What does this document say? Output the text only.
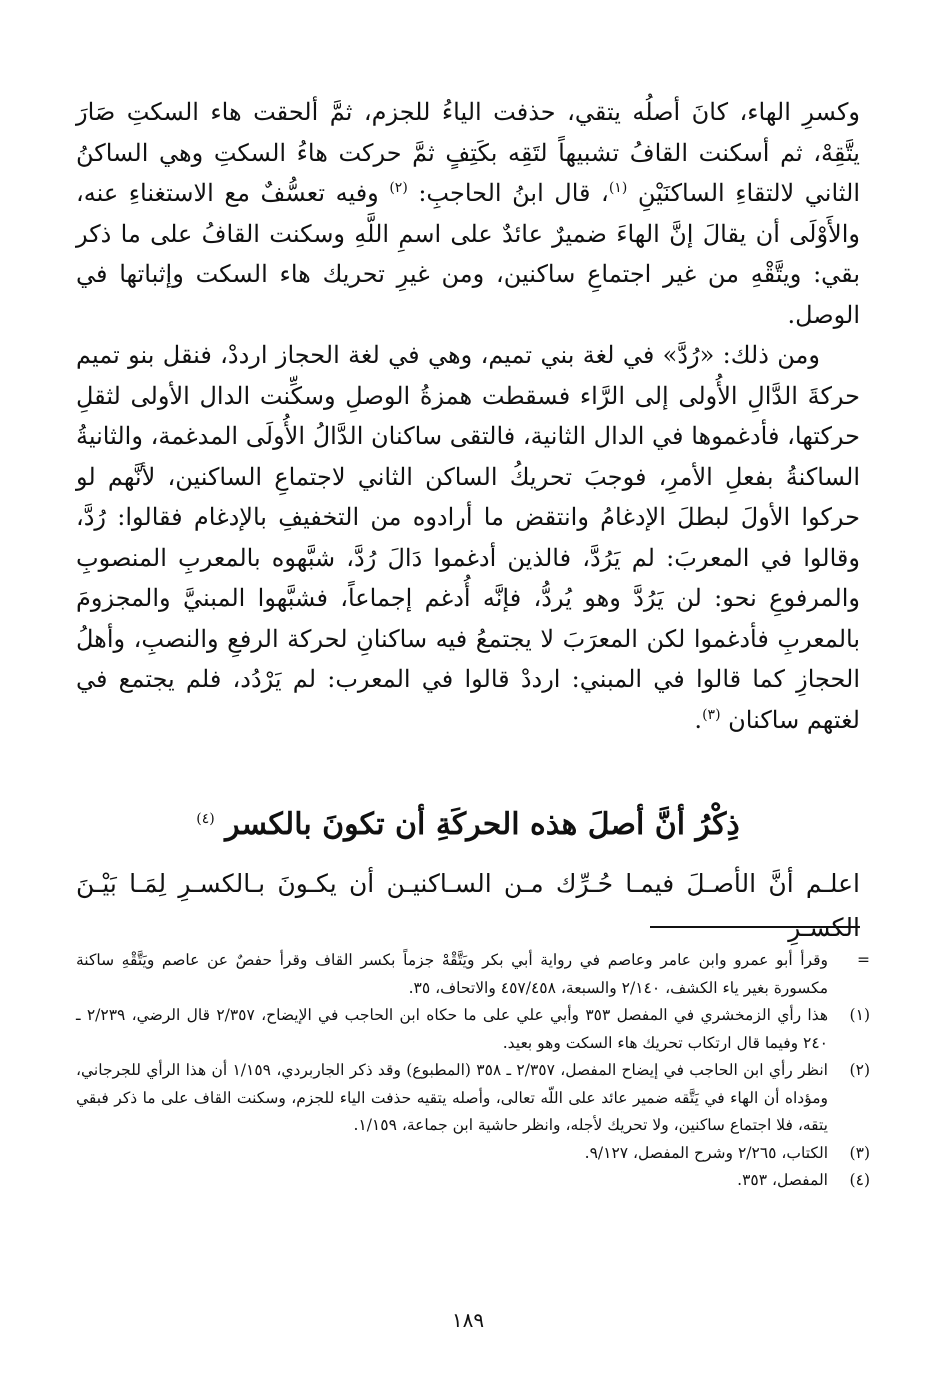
وكسرِ الهاء، كانَ أصلُه يتقي، حذفت الياءُ للجزم، ثمَّ ألحقت هاء السكتِ صَارَ يتَّقِهْ، ثم أسكنت القافُ تشبيهاً لتَقِه بكَتِفٍ ثمَّ حركت هاءُ السكتِ وهي الساكنُ الثاني لالتقاءِ الساكنَيْنِ $^{(١)}$، قال ابنُ الحاجبِ: $^{(٢)}$ وفيه تعسُّفٌ مع الاستغناءِ عنه، والأَوْلَى أن يقالَ إنَّ الهاءَ ضميرٌ عائدٌ على اسمِ اللَّهِ وسكنت القافُ على ما ذكر بقي: ويتَّقْهِ من غير اجتماعِ ساكنين، ومن غيرِ تحريك هاء السكت وإثباتها في الوصل.

ومن ذلك: «رُدَّ» في لغة بني تميم، وهي في لغة الحجاز ارددْ، فنقل بنو تميم حركةَ الدَّالِ الأُولى إلى الرَّاء فسقطت همزةُ الوصلِ وسكِّنت الدال الأولى لثقلِ حركتها، فأدغموها في الدال الثانية، فالتقى ساكنان الدَّالُ الأُولَى المدغمة، والثانيةُ الساكنةُ بفعلِ الأمرِ، فوجبَ تحريكُ الساكن الثاني لاجتماعِ الساكنين، لأنَّهم لو حركوا الأولَ لبطلَ الإدغامُ وانتقض ما أرادوه من التخفيفِ بالإدغام فقالوا: رُدَّ، وقالوا في المعربَ: لم يَرُدَّ، فالذين أدغموا دَالَ رُدَّ، شبَّهوه بالمعربِ المنصوبِ والمرفوعِ نحو: لن يَرُدَّ وهو يُردُّ، فإنَّه أُدغم إجماعاً، فشبَّهوا المبنيَّ والمجزومَ بالمعربِ فأدغموا لكن المعرَبَ لا يجتمعُ فيه ساكنانِ لحركة الرفعِ والنصبِ، وأهلُ الحجازِ كما قالوا في المبني: ارددْ قالوا في المعرب: لم يَرْدُد، فلم يجتمع في لغتهم ساكنان $^{(٣)}$.

ذِكْرُ أنَّ أصلَ هذه الحركَةِ أن تكونَ بالكسر $^{(٤)}$
اعلـم أنَّ الأصـلَ فيمـا حُـرِّك مـن السـاكنيـن أن يكـونَ بـالكسـرِ لِمَـا بَيْـنَ الكسـرِ
=
وقرأ أبو عمرو وابن عامر وعاصم في رواية أبي بكر ويَتَّقْهْ جزماً بكسر القاف وقرأ حفصٌ عن عاصم ويَتَّقْهِ ساكنة مكسورة بغير ياء الكشف، ٢/١٤٠ والسبعة، ٤٥٧/٤٥٨ والاتحاف، ٣٥.
(١)
هذا رأي الزمخشري في المفصل ٣٥٣ وأبي علي على ما حكاه ابن الحاجب في الإيضاح، ٢/٣٥٧ قال الرضي، ٢/٢٣٩ ـ ٢٤٠ وفيما قال ارتكاب تحريك هاء السكت وهو بعيد.
(٢)
انظر رأي ابن الحاجب في إيضاح المفصل، ٢/٣٥٧ ـ ٣٥٨ (المطبوع) وقد ذكر الجاربردي، ١/١٥٩ أن هذا الرأي للجرجاني، ومؤداه أن الهاء في يَتَّقه ضمير عائد على اللّه تعالى، وأصله يتقيه حذفت الياء للجزم، وسكنت القاف على ما ذكر فبقي يتقه، فلا اجتماع ساكنين، ولا تحريك لأجله، وانظر حاشية ابن جماعة، ١/١٥٩.
(٣)
الكتاب، ٢/٢٦٥ وشرح المفصل، ٩/١٢٧.
(٤)
المفصل، ٣٥٣.
١٨٩
